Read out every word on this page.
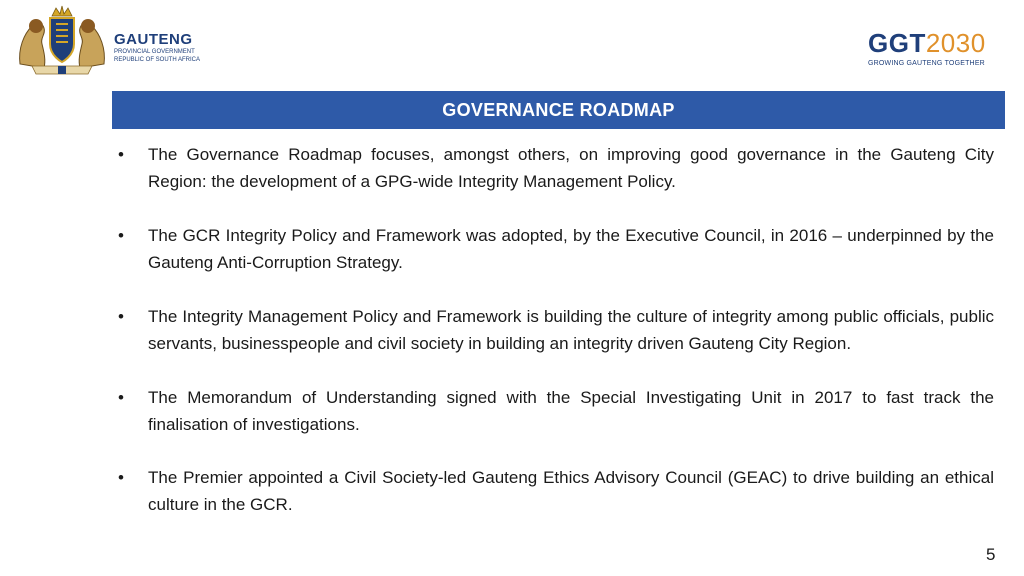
GAUTENG
PROVINCIAL GOVERNMENT
REPUBLIC OF SOUTH AFRICA
GGT2030
GROWING GAUTENG TOGETHER
GOVERNANCE ROADMAP
• The Governance Roadmap focuses, amongst others, on improving good governance in the Gauteng City Region: the development of a GPG-wide Integrity Management Policy.
• The GCR Integrity Policy and Framework was adopted, by the Executive Council, in 2016 – underpinned by the Gauteng Anti-Corruption Strategy.
• The Integrity Management Policy and Framework is building the culture of integrity among public officials, public servants, businesspeople and civil society in building an integrity driven Gauteng City Region.
• The Memorandum of Understanding signed with the Special Investigating Unit in 2017 to fast track the finalisation of investigations.
• The Premier appointed a Civil Society-led Gauteng Ethics Advisory Council (GEAC) to drive building an ethical culture in the GCR.
5
